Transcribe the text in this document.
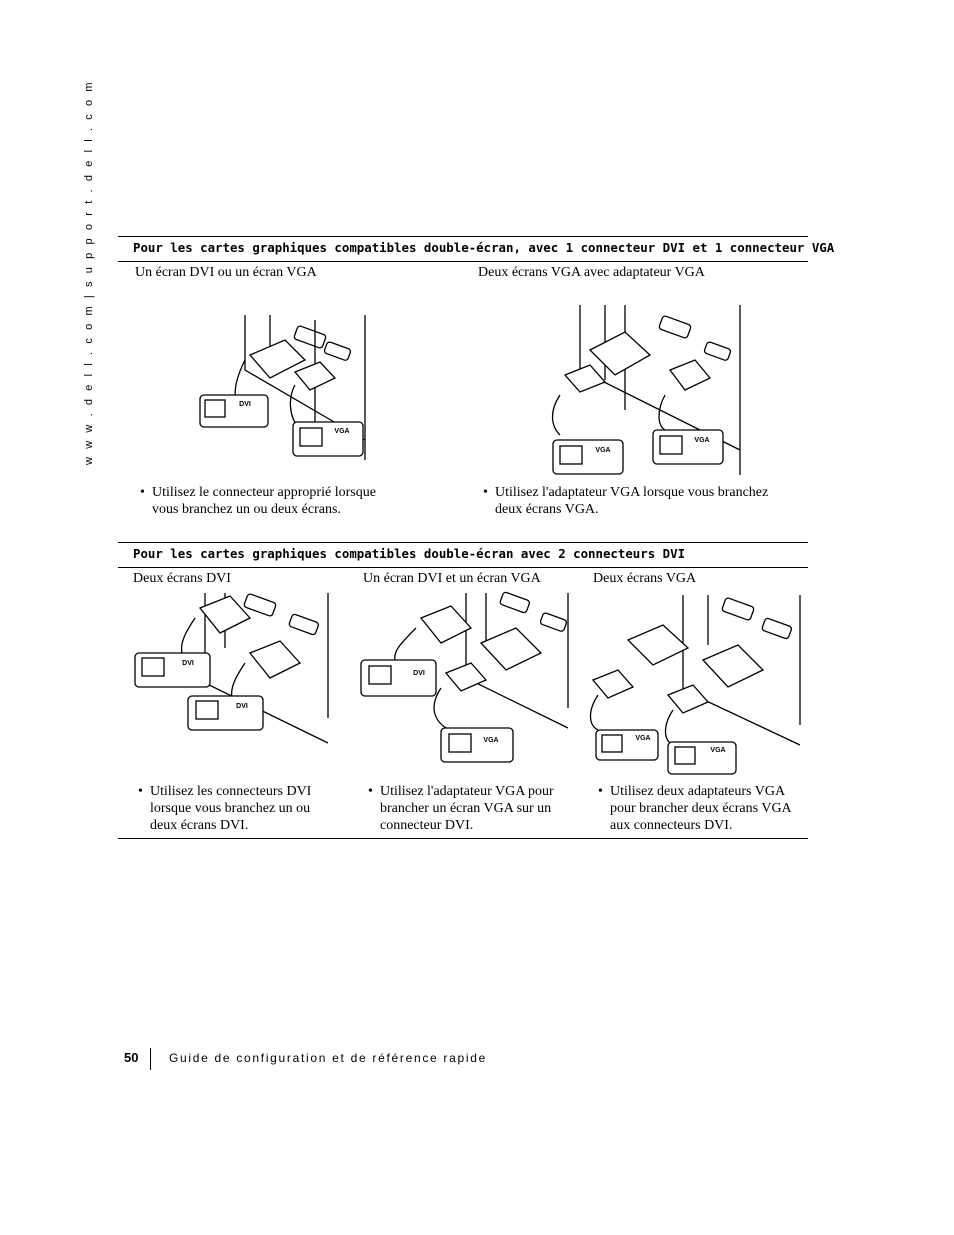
w w w . d e l l . c o m | s u p p o r t . d e l l . c o m	Pour les cartes graphiques compatibles double-écran, avec 1 connecteur DVI et 1 connecteur VGA
Un écran DVI ou un écran VGA	Deux écrans VGA avec adaptateur VGA
DVI
VGA
VGA
VGA
• Utilisez le connecteur approprié lorsque vous branchez un ou deux écrans.
• Utilisez l'adaptateur VGA lorsque vous branchez deux écrans VGA.
Pour les cartes graphiques compatibles double-écran avec 2 connecteurs DVI
Deux écrans DVI	Un écran DVI et un écran VGA	Deux écrans VGA
DVI
DVI
DVI
VGA	VGA
VGA
• Utilisez les connecteurs DVI lorsque vous branchez un ou deux écrans DVI.
• Utilisez l'adaptateur VGA pour brancher un écran VGA sur un connecteur DVI.
• Utilisez deux adaptateurs VGA pour brancher deux écrans VGA aux connecteurs DVI.
50	Guide de configuration et de référence rapide
